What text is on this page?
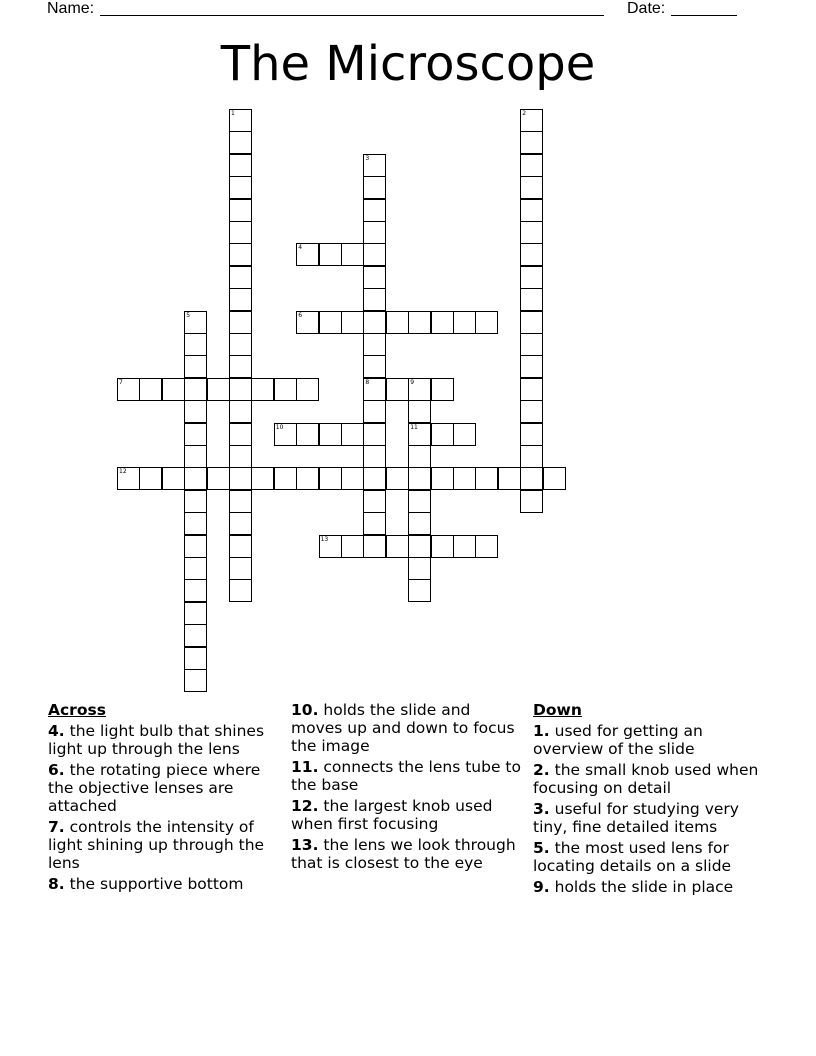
Name:	Date:
The Microscope
1	2
3
8
4
5	6
7	9
11
10
12
13
Across
4. the light bulb that shines light up through the lens
6. the rotating piece where the objective lenses are attached
7. controls the intensity of light shining up through the lens
8. the supportive bottom
10. holds the slide and moves up and down to focus the image
11. connects the lens tube to the base
12. the largest knob used when first focusing
13. the lens we look through that is closest to the eye
Down
1. used for getting an overview of the slide
2. the small knob used when focusing on detail
3. useful for studying very tiny, fine detailed items
5. the most used lens for locating details on a slide
9. holds the slide in place
